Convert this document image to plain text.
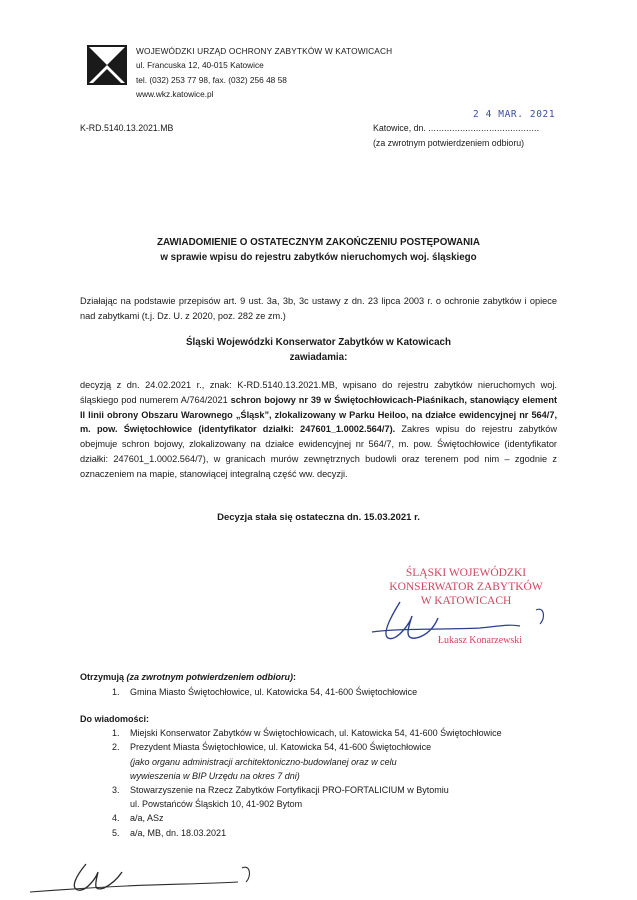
WOJEWÓDZKI URZĄD OCHRONY ZABYTKÓW W KATOWICACH
ul. Francuska 12, 40-015 Katowice
tel. (032) 253 77 98, fax. (032) 256 48 58
www.wkz.katowice.pl
K-RD.5140.13.2021.MB
2 4 MAR. 2021
Katowice, dn. ..........................................
(za zwrotnym potwierdzeniem odbioru)
ZAWIADOMIENIE O OSTATECZNYM ZAKOŃCZENIU POSTĘPOWANIA
w sprawie wpisu do rejestru zabytków nieruchomych woj. śląskiego
Działając na podstawie przepisów art. 9 ust. 3a, 3b, 3c ustawy z dn. 23 lipca 2003 r. o ochronie zabytków i opiece nad zabytkami (t.j. Dz. U. z 2020, poz. 282 ze zm.)
Śląski Wojewódzki Konserwator Zabytków w Katowicach
zawiadamia:
decyzją z dn. 24.02.2021 r., znak: K-RD.5140.13.2021.MB, wpisano do rejestru zabytków nieruchomych woj. śląskiego pod numerem A/764/2021 schron bojowy nr 39 w Świętochłowicach-Piaśnikach, stanowiący element II linii obrony Obszaru Warownego „Śląsk”, zlokalizowany w Parku Heiloo, na działce ewidencyjnej nr 564/7, m. pow. Świętochłowice (identyfikator działki: 247601_1.0002.564/7). Zakres wpisu do rejestru zabytków obejmuje schron bojowy, zlokalizowany na działce ewidencyjnej nr 564/7, m. pow. Świętochłowice (identyfikator działki: 247601_1.0002.564/7), w granicach murów zewnętrznych budowli oraz terenem pod nim – zgodnie z oznaczeniem na mapie, stanowiącej integralną część ww. decyzji.
Decyzja stała się ostateczna dn. 15.03.2021 r.
ŚLĄSKI WOJEWÓDZKI
KONSERWATOR ZABYTKÓW
W KATOWICACH
Łukasz Konarzewski
Otrzymują (za zwrotnym potwierdzeniem odbioru):
1. Gmina Miasto Świętochłowice, ul. Katowicka 54, 41-600 Świętochłowice
Do wiadomości:
1. Miejski Konserwator Zabytków w Świętochłowicach, ul. Katowicka 54, 41-600 Świętochłowice
2. Prezydent Miasta Świętochłowice, ul. Katowicka 54, 41-600 Świętochłowice
(jako organu administracji architektoniczno-budowlanej oraz w celu
wywieszenia w BIP Urzędu na okres 7 dni)
3. Stowarzyszenie na Rzecz Zabytków Fortyfikacji PRO-FORTALICIUM w Bytomiu
ul. Powstańców Śląskich 10, 41-902 Bytom
4. a/a, ASz
5. a/a, MB, dn. 18.03.2021
